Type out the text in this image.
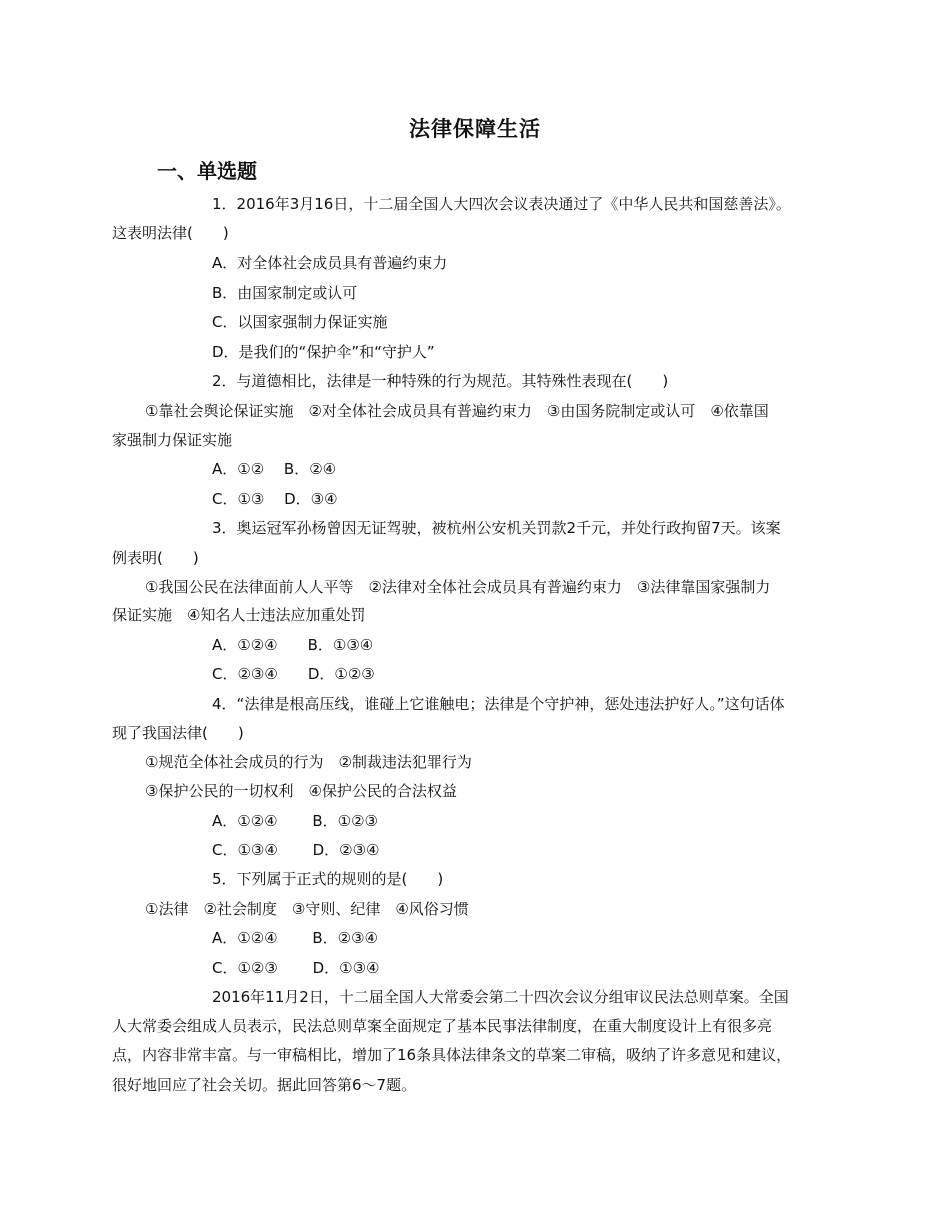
法律保障生活
一、单选题
1．2016年3月16日，十二届全国人大四次会议表决通过了《中华人民共和国慈善法》。
这表明法律(　　)
A．对全体社会成员具有普遍约束力
B．由国家制定或认可
C．以国家强制力保证实施
D．是我们的“保护伞”和“守护人”
2．与道德相比，法律是一种特殊的行为规范。其特殊性表现在(　　)
①靠社会舆论保证实施　②对全体社会成员具有普遍约束力　③由国务院制定或认可　④依靠国
家强制力保证实施
A．①②　 B．②④
C．①③　 D．③④
3．奥运冠军孙杨曾因无证驾驶，被杭州公安机关罚款2千元，并处行政拘留7天。该案
例表明(　　)
①我国公民在法律面前人人平等　②法律对全体社会成员具有普遍约束力　③法律靠国家强制力
保证实施　④知名人士违法应加重处罚
A．①②④　　B．①③④
C．②③④　　D．①②③
4．“法律是根高压线，谁碰上它谁触电；法律是个守护神，惩处违法护好人。”这句话体
现了我国法律(　　)
①规范全体社会成员的行为　②制裁违法犯罪行为
③保护公民的一切权利　④保护公民的合法权益
A．①②④　　 B．①②③
C．①③④　　 D．②③④
5．下列属于正式的规则的是(　　)
①法律　②社会制度　③守则、纪律　④风俗习惯
A．①②④　　 B．②③④
C．①②③　　 D．①③④
2016年11月2日，十二届全国人大常委会第二十四次会议分组审议民法总则草案。全国
人大常委会组成人员表示，民法总则草案全面规定了基本民事法律制度，在重大制度设计上有很多亮
点，内容非常丰富。与一审稿相比，增加了16条具体法律条文的草案二审稿，吸纳了许多意见和建议，
很好地回应了社会关切。据此回答第6～7题。
